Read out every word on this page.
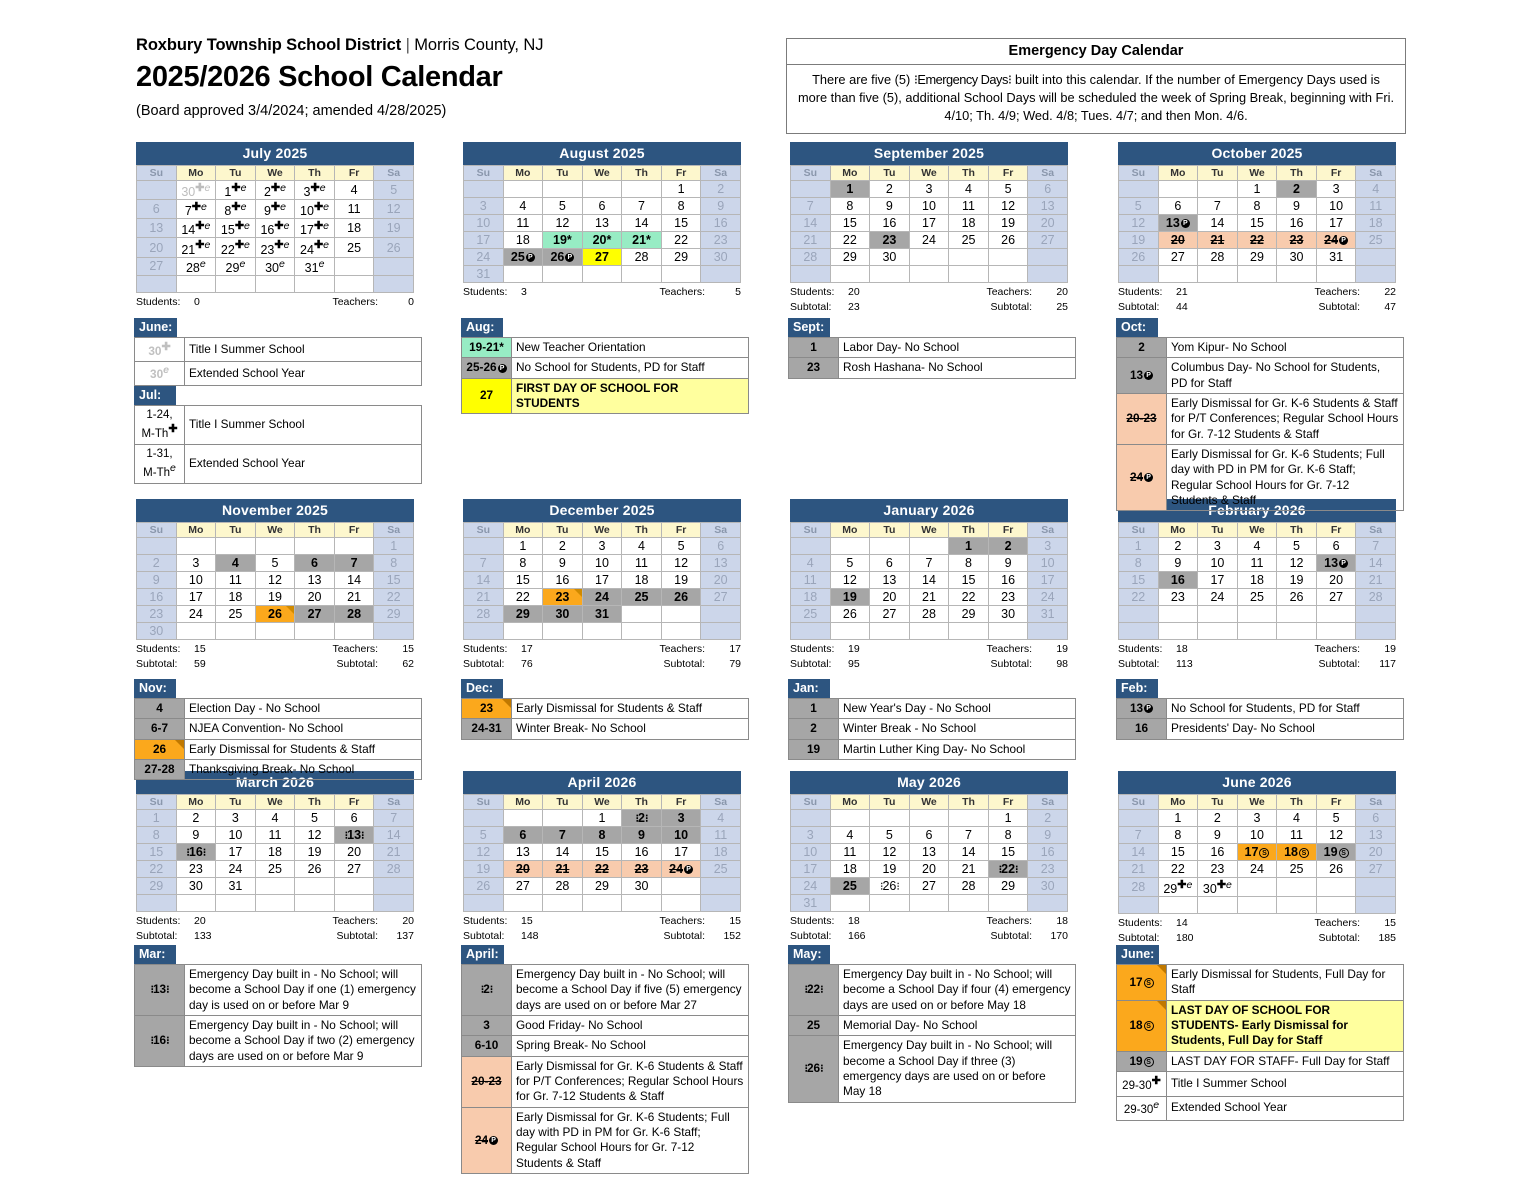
Roxbury Township School District | Morris County, NJ
2025/2026 School Calendar
(Board approved 3/4/2024; amended 4/28/2025)
Emergency Day Calendar
There are five (5) ⁝Emergency Days⁝ built into this calendar. If the number of Emergency Days used is more than five (5), additional School Days will be scheduled the week of Spring Break, beginning with Fri. 4/10; Th. 4/9; Wed. 4/8; Tues. 4/7; and then Mon. 4/6.
July 2025
Su	Mo	Tu	We	Th	Fr	Sa
	30✚$^e$	1✚$^e$	2✚$^e$	3✚$^e$	4	5
6	7✚$^e$	8✚$^e$	9✚$^e$	10✚$^e$	11	12
13	14✚$^e$	15✚$^e$	16✚$^e$	17✚$^e$	18	19
20	21✚$^e$	22✚$^e$	23✚$^e$	24✚$^e$	25	26
27	28e	29e	30e	31e		

Students: 0	Teachers:	0
August 2025
Su	Mo	Tu	We	Th	Fr	Sa
					1	2
3	4	5	6	7	8	9
10	11	12	13	14	15	16
17	18	19*	20*	21*	22	23
24	25 P	26 P	27	28	29	30
31						
Students: 3	Teachers:	5
September 2025
Su	Mo	Tu	We	Th	Fr	Sa
	1	2	3	4	5	6
7	8	9	10	11	12	13
14	15	16	17	18	19	20
21	22	23	24	25	26	27
28	29	30				

Students: 20	Teachers: 20
Subtotal: 23	Subtotal: 25
October 2025
Su	Mo	Tu	We	Th	Fr	Sa
			1	2	3	4
5	6	7	8	9	10	11
12	13 P	14	15	16	17	18
19	20	21	22	23	24 P	25
26	27	28	29	30	31	

Students: 21	Teachers: 22
Subtotal: 44	Subtotal: 47
November 2025
Su	Mo	Tu	We	Th	Fr	Sa
						1
2	3	4	5	6	7	8
9	10	11	12	13	14	15
16	17	18	19	20	21	22
23	24	25	26	27	28	29
30						
Students: 15	Teachers: 15
Subtotal: 59	Subtotal: 62
December 2025
Su	Mo	Tu	We	Th	Fr	Sa
	1	2	3	4	5	6
7	8	9	10	11	12	13
14	15	16	17	18	19	20
21	22	23	24	25	26	27
28	29	30	31			

Students: 17	Teachers: 17
Subtotal: 76	Subtotal: 79
January 2026
Su	Mo	Tu	We	Th	Fr	Sa
				1	2	3
4	5	6	7	8	9	10
11	12	13	14	15	16	17
18	19	20	21	22	23	24
25	26	27	28	29	30	31

Students: 19	Teachers: 19
Subtotal: 95	Subtotal: 98
February 2026
Su	Mo	Tu	We	Th	Fr	Sa
1	2	3	4	5	6	7
8	9	10	11	12	13 P	14
15	16	17	18	19	20	21
22	23	24	25	26	27	28

Students: 18	Teachers: 19
Subtotal: 113	Subtotal: 117
March 2026
Su	Mo	Tu	We	Th	Fr	Sa
1	2	3	4	5	6	7
8	9	10	11	12	⁝13⁝	14
15	⁝16⁝	17	18	19	20	21
22	23	24	25	26	27	28
29	30	31				

Students: 20	Teachers: 20
Subtotal: 133	Subtotal: 137
April 2026
Su	Mo	Tu	We	Th	Fr	Sa
			1	⁝2⁝	3	4
5	6	7	8	9	10	11
12	13	14	15	16	17	18
19	20	21	22	23	24 P	25
26	27	28	29	30		

Students: 15	Teachers: 15
Subtotal: 148	Subtotal: 152
May 2026
Su	Mo	Tu	We	Th	Fr	Sa
					1	2
3	4	5	6	7	8	9
10	11	12	13	14	15	16
17	18	19	20	21	⁝22⁝	23
24	25	⁝26⁝	27	28	29	30
31						
Students: 18	Teachers: 18
Subtotal: 166	Subtotal: 170
June 2026
Su	Mo	Tu	We	Th	Fr	Sa
	1	2	3	4	5	6
7	8	9	10	11	12	13
14	15	16	17 S	18 S	19 S	20
21	22	23	24	25	26	27
28	29✚$^e$	30✚$^e$				

Students: 14	Teachers: 15
Subtotal: 180	Subtotal: 185
June:
30✚	Title I Summer School
30e	Extended School Year
Jul:
1-24, M-Th✚	Title I Summer School
1-31, M-The	Extended School Year
Aug:
19-21*	New Teacher Orientation
25-26 P	No School for Students, PD for Staff
27	FIRST DAY OF SCHOOL FOR STUDENTS
Sept:
1	Labor Day- No School
23	Rosh Hashana- No School
Oct:
2	Yom Kipur- No School
13 P	Columbus Day- No School for Students, PD for Staff
20-23	Early Dismissal for Gr. K-6 Students & Staff for P/T Conferences; Regular School Hours for Gr. 7-12 Students & Staff
24 P	Early Dismissal for Gr. K-6 Students; Full day with PD in PM for Gr. K-6 Staff; Regular School Hours for Gr. 7-12 Students & Staff
Nov:
4	Election Day - No School
6-7	NJEA Convention- No School
26	Early Dismissal for Students & Staff
27-28	Thanksgiving Break- No School
Dec:
23	Early Dismissal for Students & Staff
24-31	Winter Break- No School
Jan:
1	New Year's Day - No School
2	Winter Break - No School
19	Martin Luther King Day- No School
Feb:
13 P	No School for Students, PD for Staff
16	Presidents' Day- No School
Mar:
⁝13⁝	Emergency Day built in - No School; will become a School Day if one (1) emergency day is used on or before Mar 9
⁝16⁝	Emergency Day built in - No School; will become a School Day if two (2) emergency days are used on or before Mar 9
April:
⁝2⁝	Emergency Day built in - No School; will become a School Day if five (5) emergency days are used on or before Mar 27
3	Good Friday- No School
6-10	Spring Break- No School
20-23	Early Dismissal for Gr. K-6 Students & Staff for P/T Conferences; Regular School Hours for Gr. 7-12 Students & Staff
24 P	Early Dismissal for Gr. K-6 Students; Full day with PD in PM for Gr. K-6 Staff; Regular School Hours for Gr. 7-12 Students & Staff
May:
⁝22⁝	Emergency Day built in - No School; will become a School Day if four (4) emergency days are used on or before May 18
25	Memorial Day- No School
⁝26⁝	Emergency Day built in - No School; will become a School Day if three (3) emergency days are used on or before May 18
June:
17 S	Early Dismissal for Students, Full Day for Staff
18 S	LAST DAY OF SCHOOL FOR STUDENTS- Early Dismissal for Students, Full Day for Staff
19 S	LAST DAY FOR STAFF- Full Day for Staff
29-30✚	Title I Summer School
29-30e	Extended School Year
